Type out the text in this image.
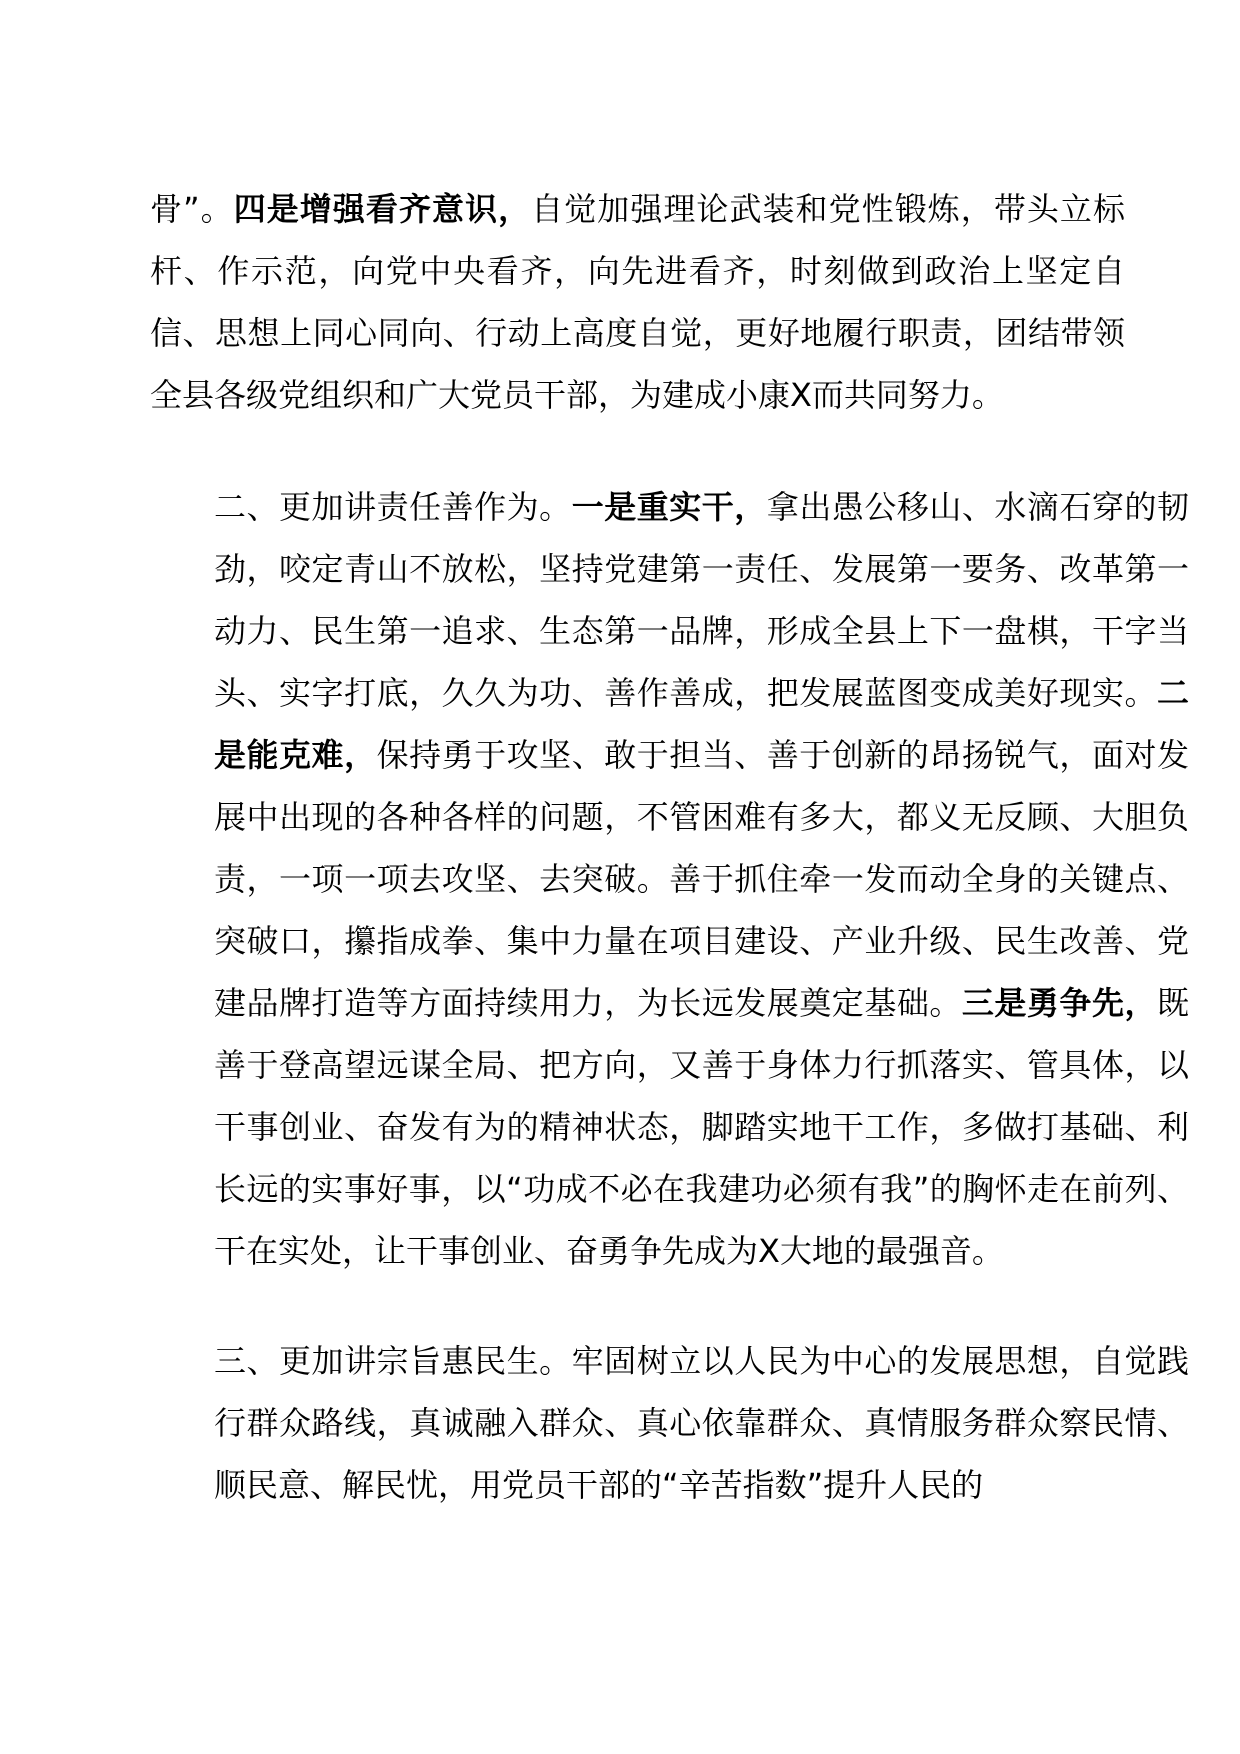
骨”。四是增强看齐意识，自觉加强理论武装和党性锻炼，带头立标杆、作示范，向党中央看齐，向先进看齐，时刻做到政治上坚定自信、思想上同心同向、行动上高度自觉，更好地履行职责，团结带领全县各级党组织和广大党员干部，为建成小康X而共同努力。

二、更加讲责任善作为。一是重实干，拿出愚公移山、水滴石穿的韧劲，咬定青山不放松，坚持党建第一责任、发展第一要务、改革第一动力、民生第一追求、生态第一品牌，形成全县上下一盘棋，干字当头、实字打底，久久为功、善作善成，把发展蓝图变成美好现实。二是能克难，保持勇于攻坚、敢于担当、善于创新的昂扬锐气，面对发展中出现的各种各样的问题，不管困难有多大，都义无反顾、大胆负责，一项一项去攻坚、去突破。善于抓住牵一发而动全身的关键点、突破口，攥指成拳、集中力量在项目建设、产业升级、民生改善、党建品牌打造等方面持续用力，为长远发展奠定基础。三是勇争先，既善于登高望远谋全局、把方向，又善于身体力行抓落实、管具体，以干事创业、奋发有为的精神状态，脚踏实地干工作，多做打基础、利长远的实事好事，以“功成不必在我建功必须有我”的胸怀走在前列、干在实处，让干事创业、奋勇争先成为X大地的最强音。

三、更加讲宗旨惠民生。牢固树立以人民为中心的发展思想，自觉践行群众路线，真诚融入群众、真心依靠群众、真情服务群众察民情、顺民意、解民忧，用党员干部的“辛苦指数”提升人民的
